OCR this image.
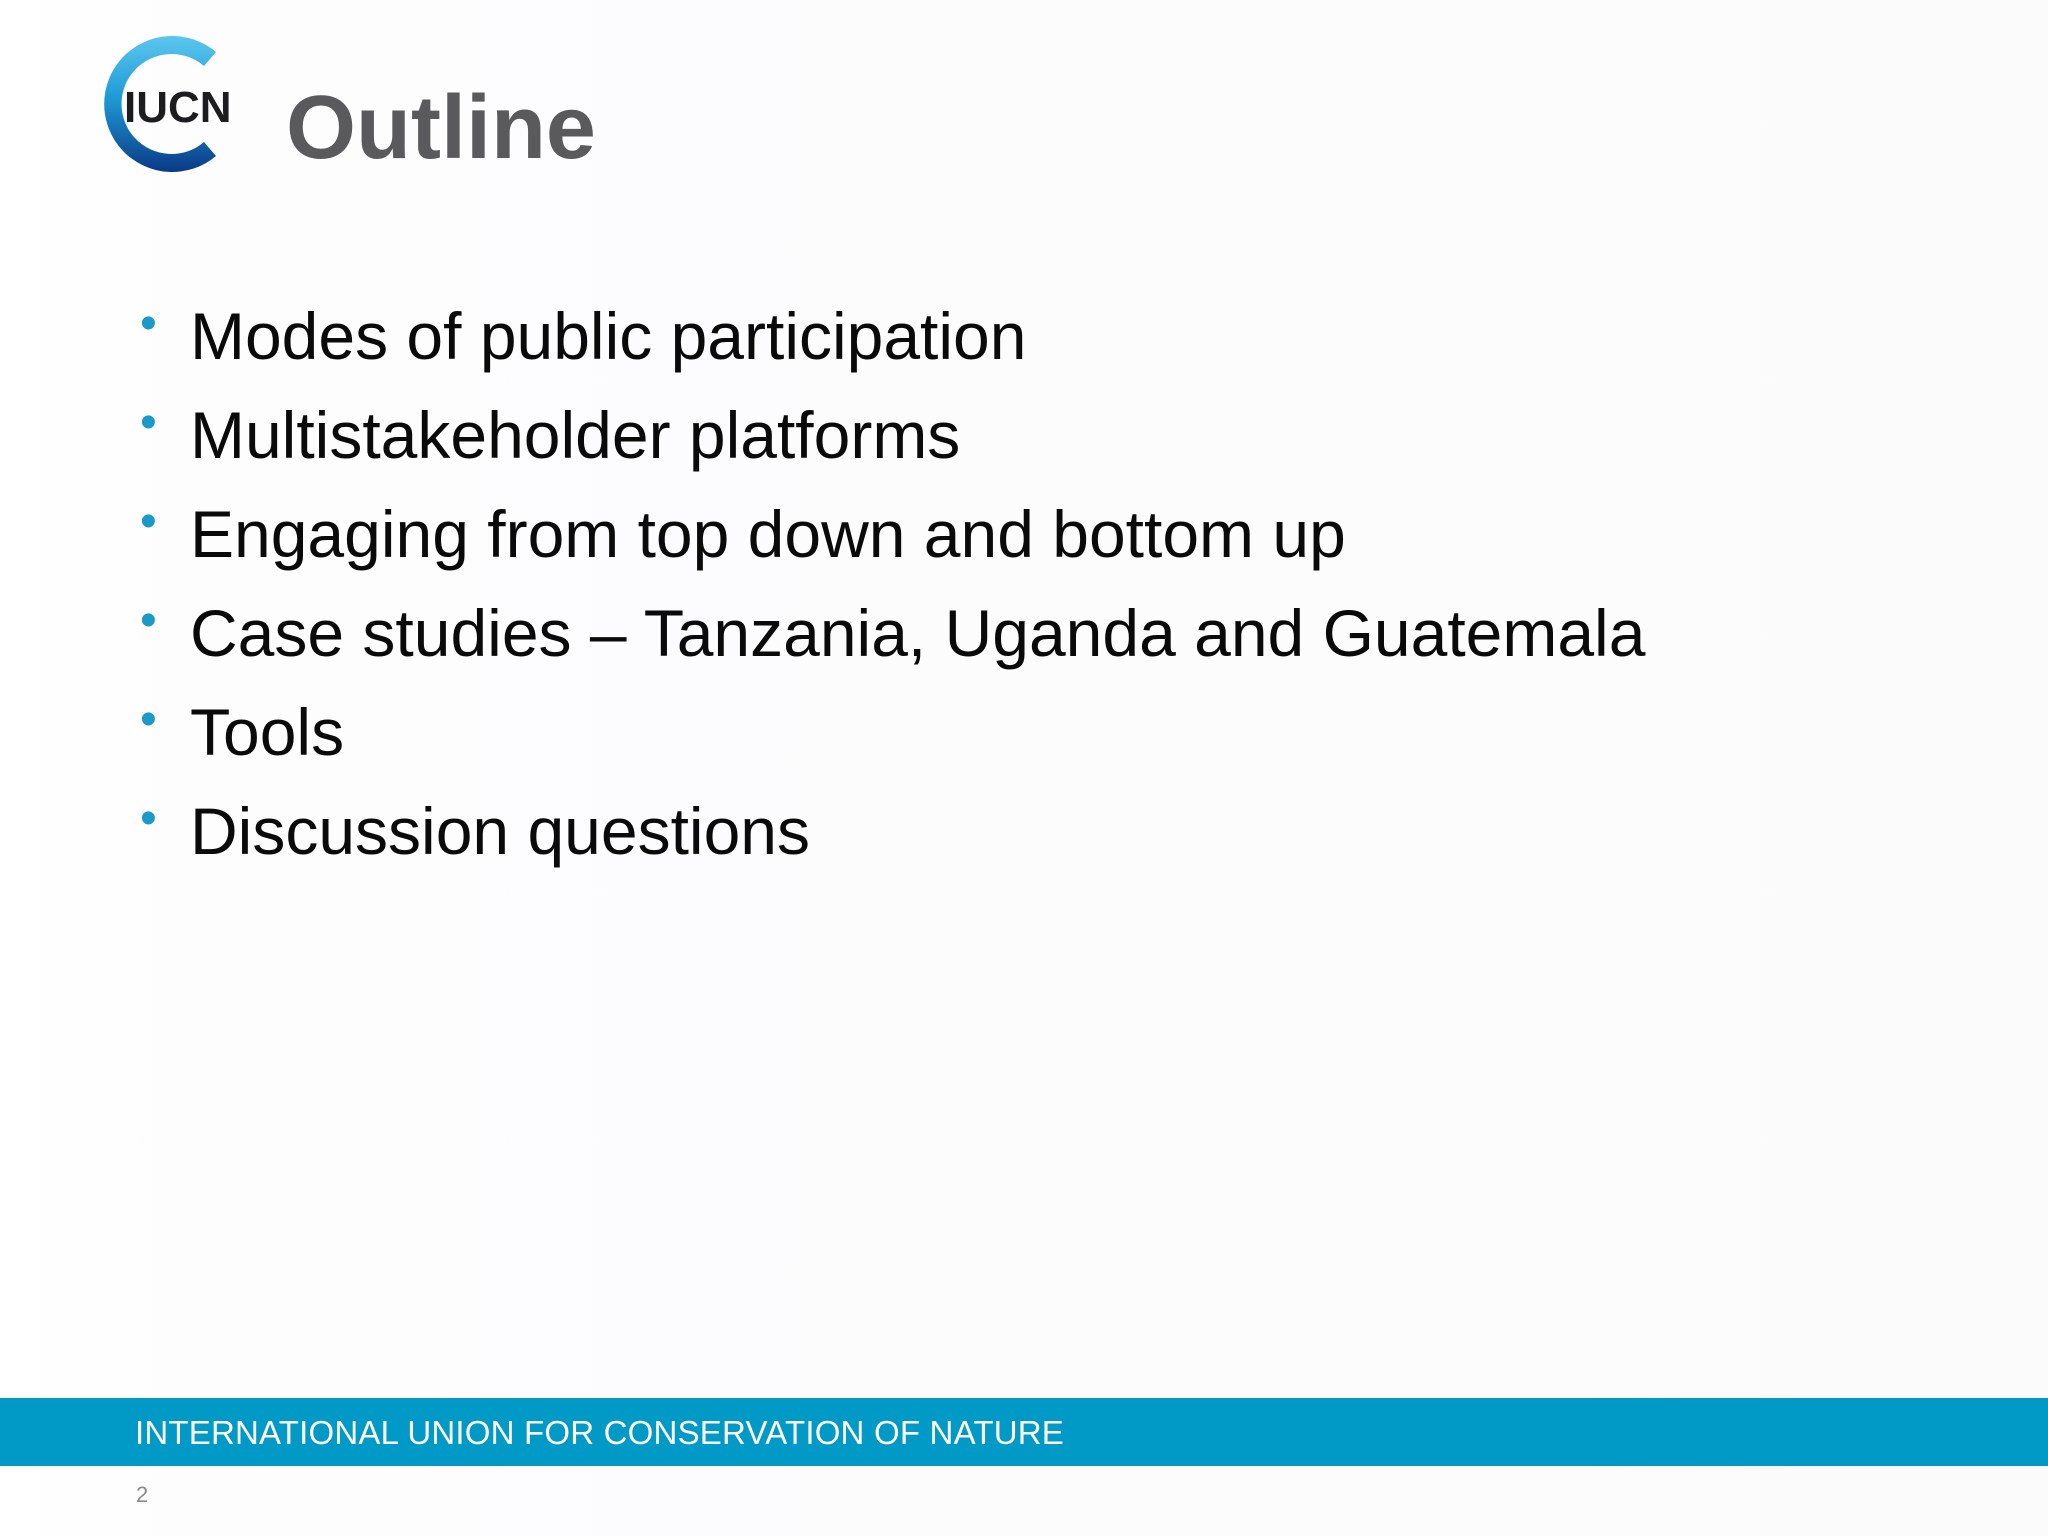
IUCN Outline
• Modes of public participation
• Multistakeholder platforms
• Engaging from top down and bottom up
• Case studies – Tanzania, Uganda and Guatemala
• Tools
• Discussion questions
INTERNATIONAL UNION FOR CONSERVATION OF NATURE
2
